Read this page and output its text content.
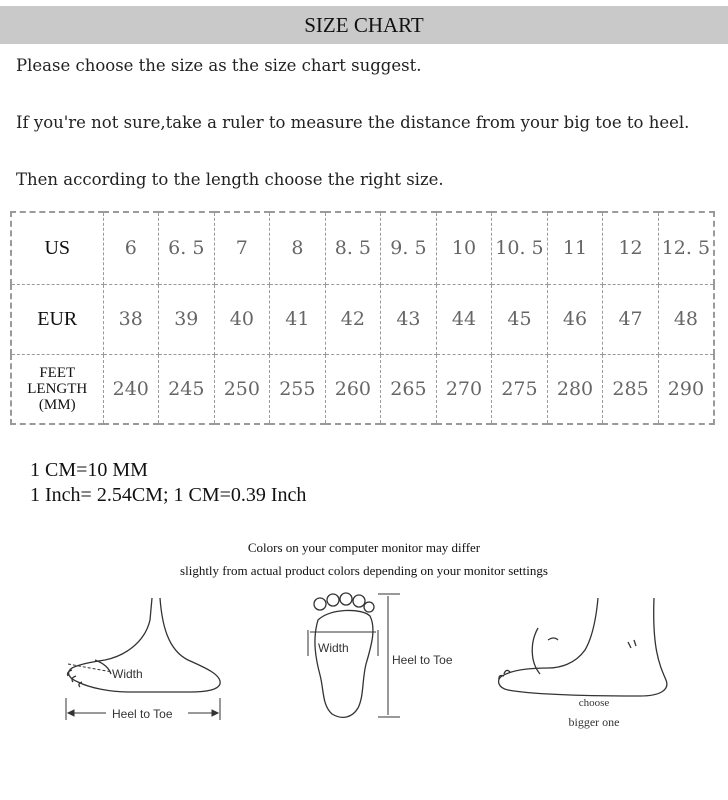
SIZE CHART
Please choose the size as the size chart suggest.
If you're not sure,take a ruler to measure the distance from your big toe to heel.
Then according to the length choose the right size.
US	6	6. 5	7	8	8. 5	9. 5	10	10. 5	11	12	12. 5
EUR	38	39	40	41	42	43	44	45	46	47	48

FEET
LENGTH
(MM)	240	245	250	255	260	265	270	275	280	285	290
1 CM=10 MM
1 Inch= 2.54CM; 1 CM=0.39 Inch
Colors on your computer monitor may differ
slightly from actual product colors depending on your monitor settings
Width
Heel to Toe
Width
Heel to Toe
choose
bigger one
